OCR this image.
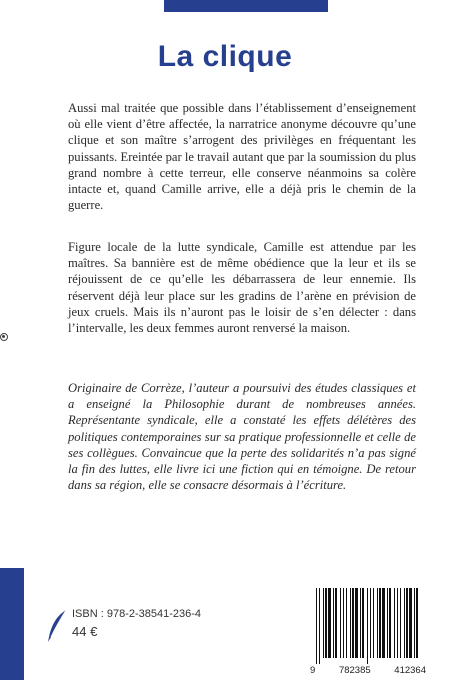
La clique

Aussi mal traitée que possible dans l’établissement d’enseignement où elle vient d’être affectée, la narratrice anonyme découvre qu’une clique et son maître s’arrogent des privilèges en fréquentant les puissants. Ereintée par le travail autant que par la soumission du plus grand nombre à cette terreur, elle conserve néanmoins sa colère intacte et, quand Camille arrive, elle a déjà pris le chemin de la guerre.

Figure locale de la lutte syndicale, Camille est attendue par les maîtres. Sa bannière est de même obédience que la leur et ils se réjouissent de ce qu’elle les débarrassera de leur ennemie. Ils réservent déjà leur place sur les gradins de l’arène en prévision de jeux cruels. Mais ils n’auront pas le loisir de s’en délecter : dans l’intervalle, les deux femmes auront renversé la maison.

Originaire de Corrèze, l’auteur a poursuivi des études classiques et a enseigné la Philosophie durant de nombreuses années. Représentante syndicale, elle a constaté les effets délétères des politiques contemporaines sur sa pratique professionnelle et celle de ses collègues. Convaincue que la perte des solidarités n’a pas signé la fin des luttes, elle livre ici une fiction qui en témoigne. De retour dans sa région, elle se consacre désormais à l’écriture.

ISBN : 978-2-38541-236-4
44 €
9 782385 412364
